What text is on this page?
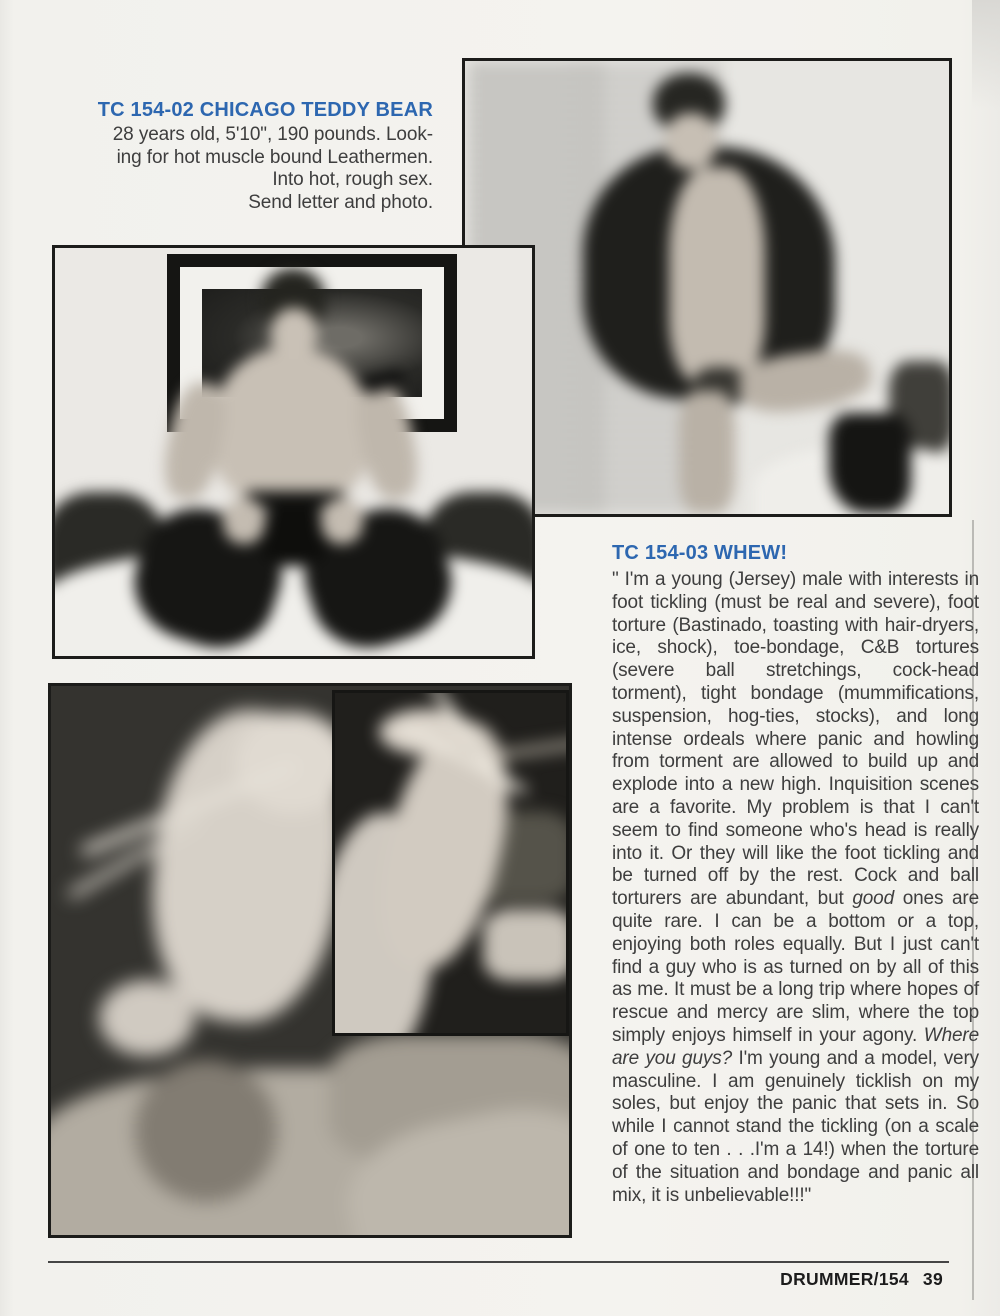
TC 154-02 CHICAGO TEDDY BEAR
28 years old, 5'10", 190 pounds. Look-
ing for hot muscle bound Leathermen.
Into hot, rough sex.
Send letter and photo.
TC 154-03 WHEW!
" I'm a young (Jersey) male with interests in foot tickling (must be real and severe), foot torture (Bastinado, toasting with hair-dryers, ice, shock), toe-bondage, C&B tortures (severe ball stretchings, cock-head torment), tight bondage (mummifications, suspension, hog-ties, stocks), and long intense ordeals where panic and howling from torment are allowed to build up and explode into a new high. Inquisition scenes are a favorite. My problem is that I can't seem to find someone who's head is really into it. Or they will like the foot tickling and be turned off by the rest. Cock and ball torturers are abundant, but good ones are quite rare. I can be a bottom or a top, enjoying both roles equally. But I just can't find a guy who is as turned on by all of this as me. It must be a long trip where hopes of rescue and mercy are slim, where the top simply enjoys himself in your agony. Where are you guys? I'm young and a model, very masculine. I am genuinely ticklish on my soles, but enjoy the panic that sets in. So while I cannot stand the tickling (on a scale of one to ten . . .I'm a 14!) when the torture of the situation and bondage and panic all mix, it is unbelievable!!!"
DRUMMER/154 39
